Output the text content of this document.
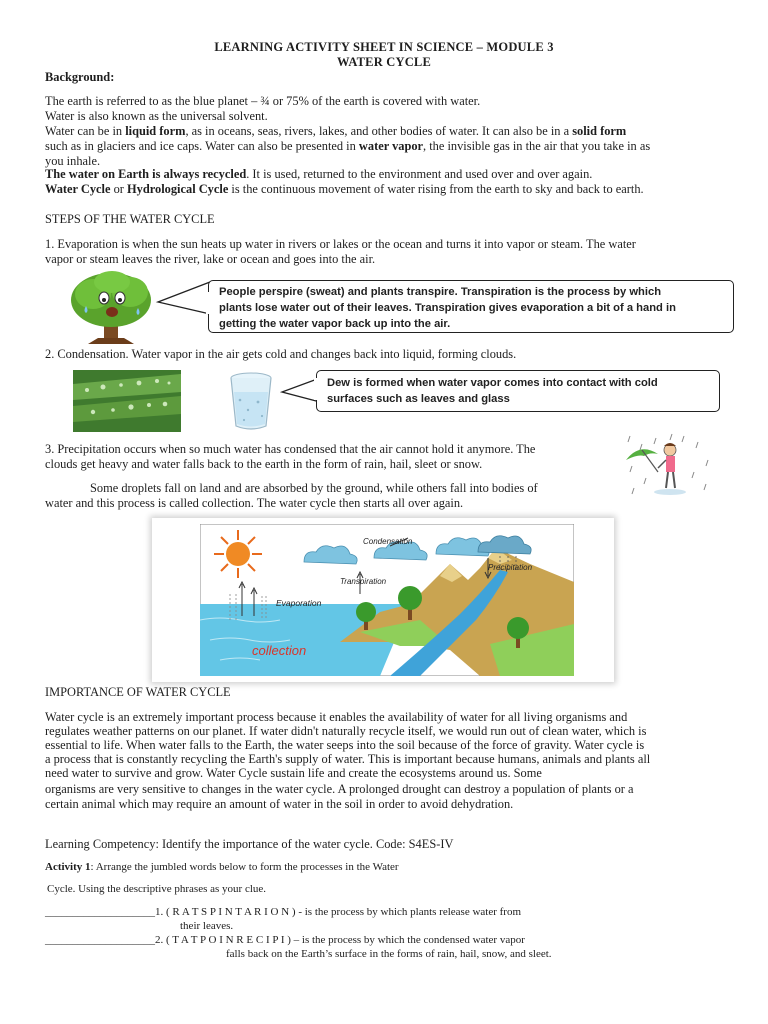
LEARNING ACTIVITY SHEET IN SCIENCE – MODULE 3
WATER CYCLE
Background:
The earth is referred to as the blue planet – ¾ or 75% of the earth is covered with water.
Water is also known as the universal solvent.
Water can be in liquid form, as in oceans, seas, rivers, lakes, and other bodies of water. It can also be in a solid form
such as in glaciers and ice caps. Water can also be presented in water vapor, the invisible gas in the air that you take in as
you inhale.
The water on Earth is always recycled. It is used, returned to the environment and used over and over again.
Water Cycle or Hydrological Cycle is the continuous movement of water rising from the earth to sky and back to earth.
STEPS OF THE WATER CYCLE
1. Evaporation is when the sun heats up water in rivers or lakes or the ocean and turns it into vapor or steam. The water
vapor or steam leaves the river, lake or ocean and goes into the air.
People perspire (sweat) and plants transpire. Transpiration is the process by which
plants lose water out of their leaves. Transpiration gives evaporation a bit of a hand in
getting the water vapor back up into the air.
2. Condensation. Water vapor in the air gets cold and changes back into liquid, forming clouds.
Dew is formed when water vapor comes into contact with cold
surfaces such as leaves and glass
3. Precipitation occurs when so much water has condensed that the air cannot hold it anymore. The
clouds get heavy and water falls back to the earth in the form of rain, hail, sleet or snow.
Some droplets fall on land and are absorbed by the ground, while others fall into bodies of
water and this process is called collection. The water cycle then starts all over again.
Condensation
Precipitation
Transpiration
Evaporation
collection
IMPORTANCE OF WATER CYCLE
Water cycle is an extremely important process because it enables the availability of water for all living organisms and
regulates weather patterns on our planet. If water didn't naturally recycle itself, we would run out of clean water, which is
essential to life. When water falls to the Earth, the water seeps into the soil because of the force of gravity. Water cycle is
a process that is constantly recycling the Earth's supply of water. This is important because humans, animals and plants all
need water to survive and grow. Water Cycle sustain life and create the ecosystems around us. Some
organisms are very sensitive to changes in the water cycle. A prolonged drought can destroy a population of plants or a
certain animal which may require an amount of water in the soil in order to avoid dehydration.
Learning Competency: Identify the importance of the water cycle. Code: S4ES-IV
Activity 1: Arrange the jumbled words below to form the processes in the Water
Cycle. Using the descriptive phrases as your clue.
____________________1. ( R A T S P I N T A R I O N ) - is the process by which plants release water from
their leaves.
____________________2. ( T A T P O I N R E C I P I ) – is the process by which the condensed water vapor
falls back on the Earth’s surface in the forms of rain, hail, snow, and sleet.
